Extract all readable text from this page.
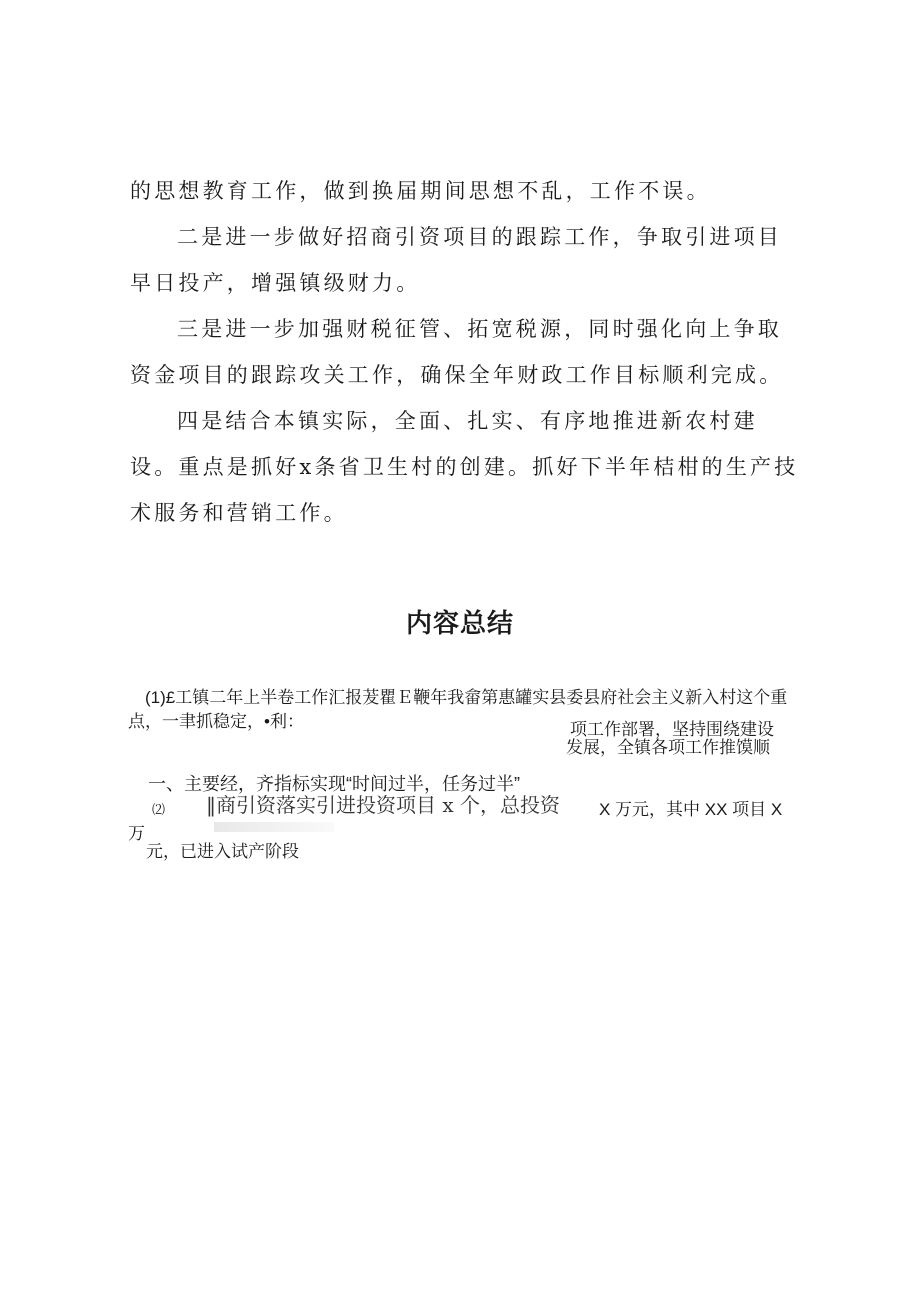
的思想教育工作，做到换届期间思想不乱，工作不误。

二是进一步做好招商引资项目的跟踪工作，争取引进项目早日投产，增强镇级财力。

三是进一步加强财税征管、拓宽税源，同时强化向上争取资金项目的跟踪攻关工作，确保全年财政工作目标顺利完成。

四是结合本镇实际，全面、扎实、有序地推进新农村建设。重点是抓好x条省卫生村的创建。抓好下半年桔柑的生产技术服务和营销工作。

内容总结
(1)£工镇二年上半卷工作汇报茇瞿Ｅ鞭年我畲第惠罐实县委县府社会主义新入村这个重
点，一聿抓稳定，•利：	项工作部署，坚持围绕建设
发展，全镇各项工作推馍顺
一、主要经，齐指标实现“时间过半，任务过半”
⑵ ‖商引资落实引进投资项目 x 个，总投资 X 万元，其中 XX 项目 X
万
元，已进入试产阶段
